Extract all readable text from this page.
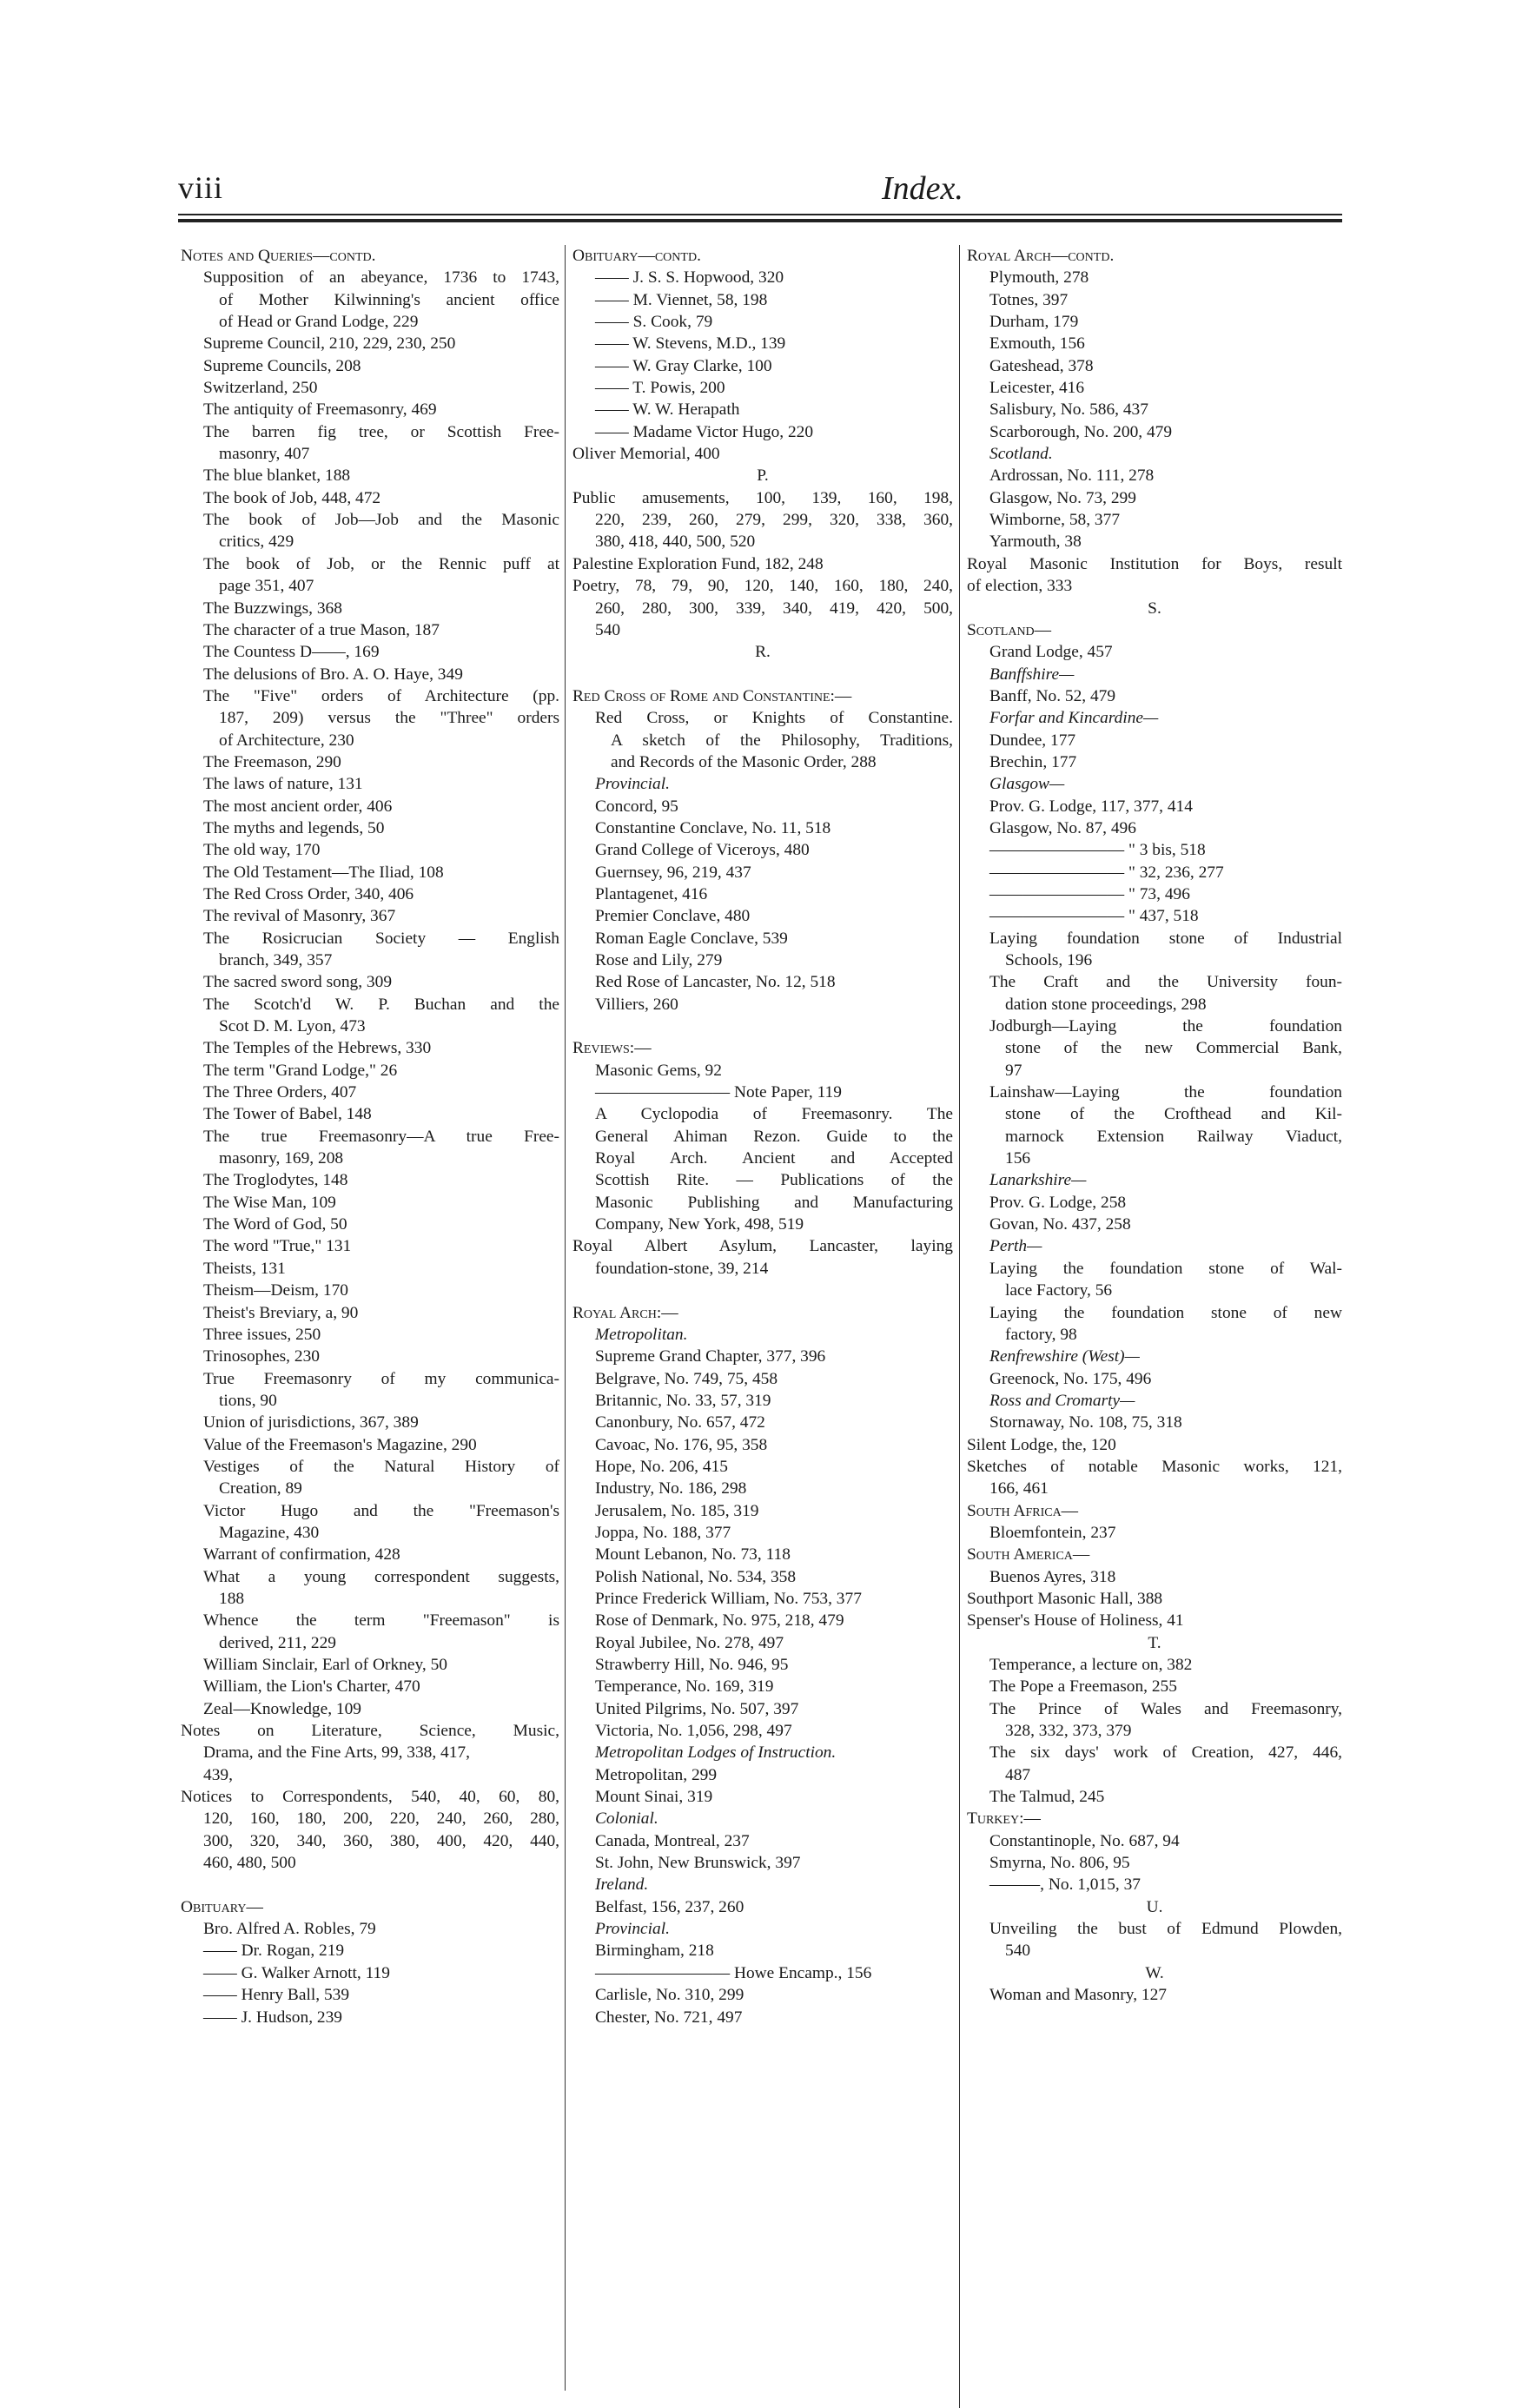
viii	Index.
Notes and Queries—contd.
Supposition of an abeyance, 1736 to 1743,
of Mother Kilwinning's ancient office
of Head or Grand Lodge, 229
Supreme Council, 210, 229, 230, 250
Supreme Councils, 208
Switzerland, 250
The antiquity of Freemasonry, 469
The barren fig tree, or Scottish Free-
masonry, 407
The blue blanket, 188
The book of Job, 448, 472
The book of Job—Job and the Masonic
critics, 429
The book of Job, or the Rennic puff at
page 351, 407
The Buzzwings, 368
The character of a true Mason, 187
The Countess D——, 169
The delusions of Bro. A. O. Haye, 349
The "Five" orders of Architecture (pp.
187, 209) versus the "Three" orders
of Architecture, 230
The Freemason, 290
The laws of nature, 131
The most ancient order, 406
The myths and legends, 50
The old way, 170
The Old Testament—The Iliad, 108
The Red Cross Order, 340, 406
The revival of Masonry, 367
The Rosicrucian Society — English
branch, 349, 357
The sacred sword song, 309
The Scotch'd W. P. Buchan and the
Scot D. M. Lyon, 473
The Temples of the Hebrews, 330
The term "Grand Lodge," 26
The Three Orders, 407
The Tower of Babel, 148
The true Freemasonry—A true Free-
masonry, 169, 208
The Troglodytes, 148
The Wise Man, 109
The Word of God, 50
The word "True," 131
Theists, 131
Theism—Deism, 170
Theist's Breviary, a, 90
Three issues, 250
Trinosophes, 230
True Freemasonry of my communica-
tions, 90
Union of jurisdictions, 367, 389
Value of the Freemason's Magazine, 290
Vestiges of the Natural History of
Creation, 89
Victor Hugo and the "Freemason's
Magazine, 430
Warrant of confirmation, 428
What a young correspondent suggests,
188
Whence the term "Freemason" is
derived, 211, 229
William Sinclair, Earl of Orkney, 50
William, the Lion's Charter, 470
Zeal—Knowledge, 109
Notes on Literature, Science, Music,
Drama, and the Fine Arts, 99, 338, 417,
439,
Notices to Correspondents, 540, 40, 60, 80,
120, 160, 180, 200, 220, 240, 260, 280,
300, 320, 340, 360, 380, 400, 420, 440,
460, 480, 500

Obituary—
Bro. Alfred A. Robles, 79
—— Dr. Rogan, 219
—— G. Walker Arnott, 119
—— Henry Ball, 539
—— J. Hudson, 239
Obituary—contd.
—— J. S. S. Hopwood, 320
—— M. Viennet, 58, 198
—— S. Cook, 79
—— W. Stevens, M.D., 139
—— W. Gray Clarke, 100
—— T. Powis, 200
—— W. W. Herapath
—— Madame Victor Hugo, 220
Oliver Memorial, 400
P.
Public amusements, 100, 139, 160, 198,
220, 239, 260, 279, 299, 320, 338, 360,
380, 418, 440, 500, 520
Palestine Exploration Fund, 182, 248
Poetry, 78, 79, 90, 120, 140, 160, 180, 240,
260, 280, 300, 339, 340, 419, 420, 500,
540
R.

Red Cross of Rome and Constantine:—
Red Cross, or Knights of Constantine.
A sketch of the Philosophy, Traditions,
and Records of the Masonic Order, 288
Provincial.
Concord, 95
Constantine Conclave, No. 11, 518
Grand College of Viceroys, 480
Guernsey, 96, 219, 437
Plantagenet, 416
Premier Conclave, 480
Roman Eagle Conclave, 539
Rose and Lily, 279
Red Rose of Lancaster, No. 12, 518
Villiers, 260

Reviews:—
Masonic Gems, 92
———————— Note Paper, 119
A Cyclopodia of Freemasonry. The
General Ahiman Rezon. Guide to the
Royal Arch. Ancient and Accepted
Scottish Rite. — Publications of the
Masonic Publishing and Manufacturing
Company, New York, 498, 519
Royal Albert Asylum, Lancaster, laying
foundation-stone, 39, 214

Royal Arch:—
Metropolitan.
Supreme Grand Chapter, 377, 396
Belgrave, No. 749, 75, 458
Britannic, No. 33, 57, 319
Canonbury, No. 657, 472
Cavoac, No. 176, 95, 358
Hope, No. 206, 415
Industry, No. 186, 298
Jerusalem, No. 185, 319
Joppa, No. 188, 377
Mount Lebanon, No. 73, 118
Polish National, No. 534, 358
Prince Frederick William, No. 753, 377
Rose of Denmark, No. 975, 218, 479
Royal Jubilee, No. 278, 497
Strawberry Hill, No. 946, 95
Temperance, No. 169, 319
United Pilgrims, No. 507, 397
Victoria, No. 1,056, 298, 497
Metropolitan Lodges of Instruction.
Metropolitan, 299
Mount Sinai, 319
Colonial.
Canada, Montreal, 237
St. John, New Brunswick, 397
Ireland.
Belfast, 156, 237, 260
Provincial.
Birmingham, 218
———————— Howe Encamp., 156
Carlisle, No. 310, 299
Chester, No. 721, 497
Royal Arch—contd.
Plymouth, 278
Totnes, 397
Durham, 179
Exmouth, 156
Gateshead, 378
Leicester, 416
Salisbury, No. 586, 437
Scarborough, No. 200, 479
Scotland.
Ardrossan, No. 111, 278
Glasgow, No. 73, 299
Wimborne, 58, 377
Yarmouth, 38
Royal Masonic Institution for Boys, result
of election, 333
S.
Scotland—
Grand Lodge, 457
Banffshire—
Banff, No. 52, 479
Forfar and Kincardine—
Dundee, 177
Brechin, 177
Glasgow—
Prov. G. Lodge, 117, 377, 414
Glasgow, No. 87, 496
———————— " 3 bis, 518
———————— " 32, 236, 277
———————— " 73, 496
———————— " 437, 518
Laying foundation stone of Industrial
Schools, 196
The Craft and the University foun-
dation stone proceedings, 298
Jodburgh—Laying the foundation
stone of the new Commercial Bank,
97
Lainshaw—Laying the foundation
stone of the Crofthead and Kil-
marnock Extension Railway Viaduct,
156
Lanarkshire—
Prov. G. Lodge, 258
Govan, No. 437, 258
Perth—
Laying the foundation stone of Wal-
lace Factory, 56
Laying the foundation stone of new
factory, 98
Renfrewshire (West)—
Greenock, No. 175, 496
Ross and Cromarty—
Stornaway, No. 108, 75, 318
Silent Lodge, the, 120
Sketches of notable Masonic works, 121,
166, 461
South Africa—
Bloemfontein, 237
South America—
Buenos Ayres, 318
Southport Masonic Hall, 388
Spenser's House of Holiness, 41
T.
Temperance, a lecture on, 382
The Pope a Freemason, 255
The Prince of Wales and Freemasonry,
328, 332, 373, 379
The six days' work of Creation, 427, 446,
487
The Talmud, 245
Turkey:—
Constantinople, No. 687, 94
Smyrna, No. 806, 95
———, No. 1,015, 37
U.
Unveiling the bust of Edmund Plowden,
540
W.
Woman and Masonry, 127
